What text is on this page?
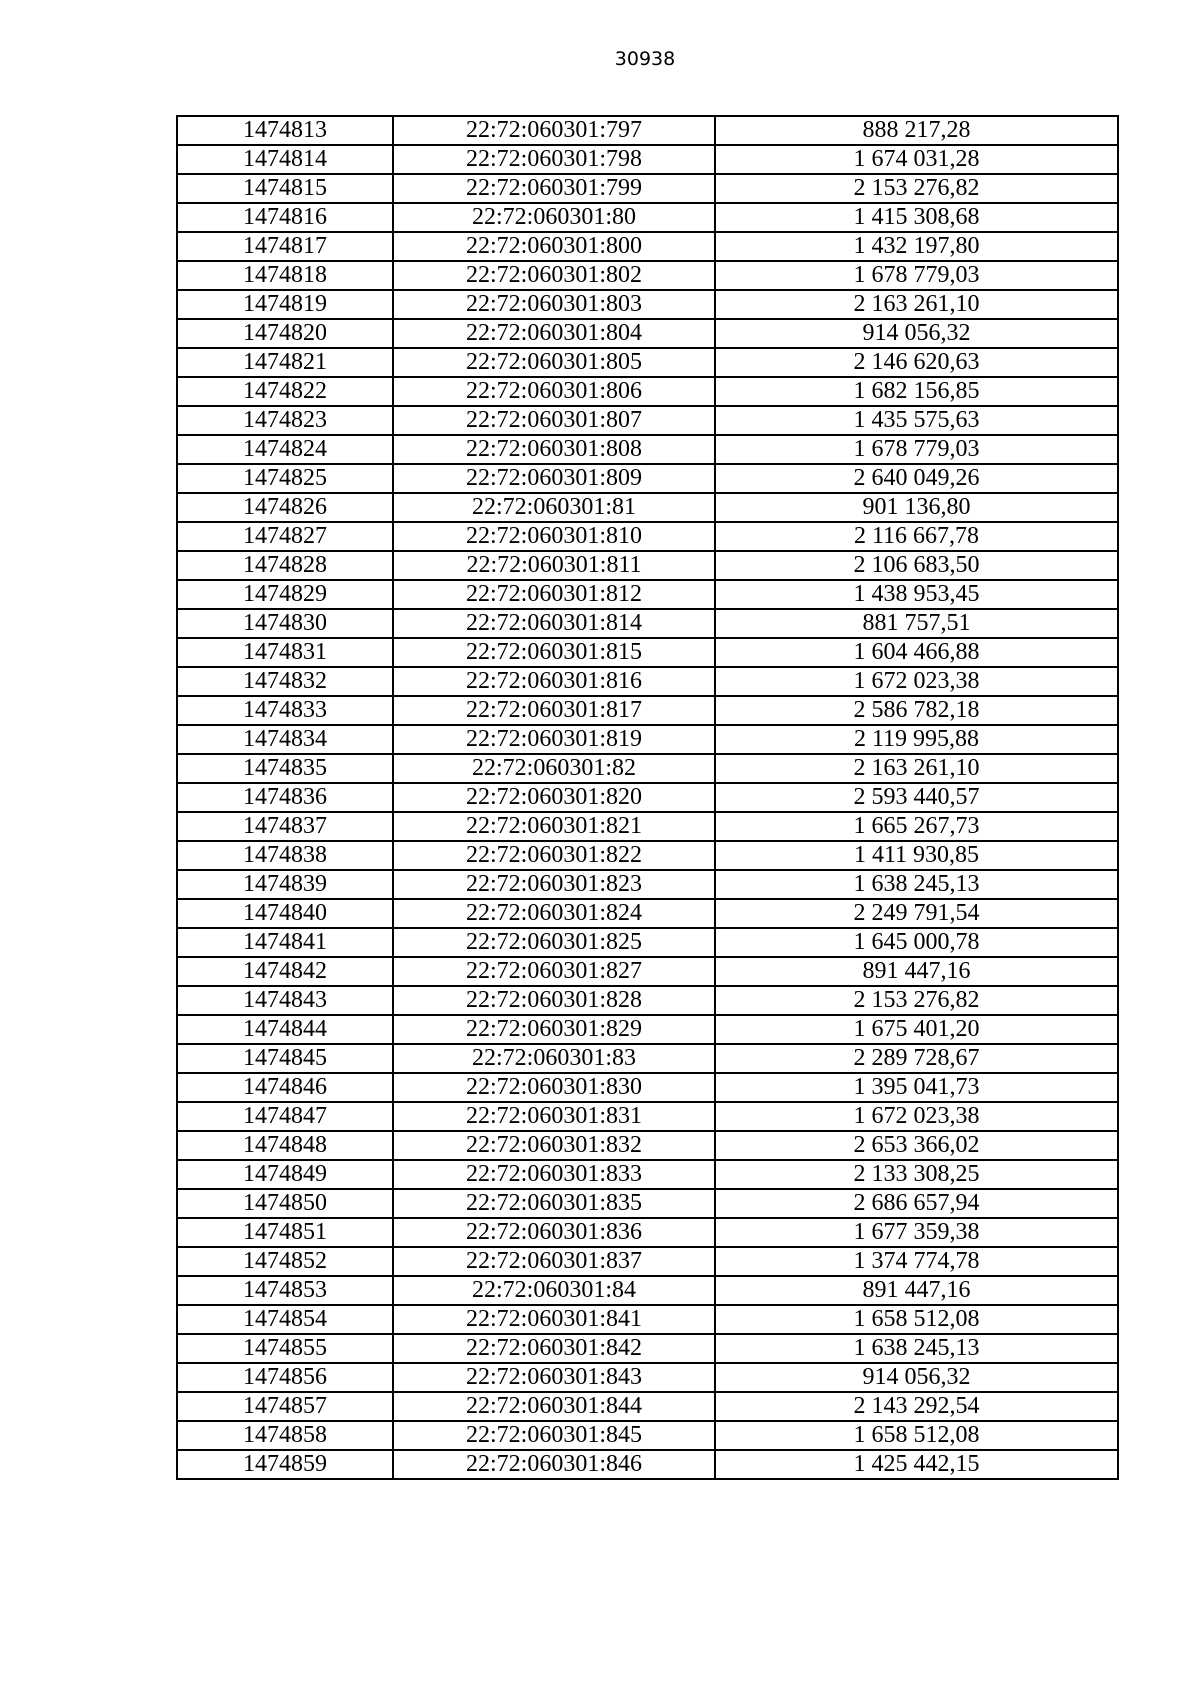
30938
1474813	22:72:060301:797	888 217,28
1474814	22:72:060301:798	1 674 031,28
1474815	22:72:060301:799	2 153 276,82
1474816	22:72:060301:80	1 415 308,68
1474817	22:72:060301:800	1 432 197,80
1474818	22:72:060301:802	1 678 779,03
1474819	22:72:060301:803	2 163 261,10
1474820	22:72:060301:804	914 056,32
1474821	22:72:060301:805	2 146 620,63
1474822	22:72:060301:806	1 682 156,85
1474823	22:72:060301:807	1 435 575,63
1474824	22:72:060301:808	1 678 779,03
1474825	22:72:060301:809	2 640 049,26
1474826	22:72:060301:81	901 136,80
1474827	22:72:060301:810	2 116 667,78
1474828	22:72:060301:811	2 106 683,50
1474829	22:72:060301:812	1 438 953,45
1474830	22:72:060301:814	881 757,51
1474831	22:72:060301:815	1 604 466,88
1474832	22:72:060301:816	1 672 023,38
1474833	22:72:060301:817	2 586 782,18
1474834	22:72:060301:819	2 119 995,88
1474835	22:72:060301:82	2 163 261,10
1474836	22:72:060301:820	2 593 440,57
1474837	22:72:060301:821	1 665 267,73
1474838	22:72:060301:822	1 411 930,85
1474839	22:72:060301:823	1 638 245,13
1474840	22:72:060301:824	2 249 791,54
1474841	22:72:060301:825	1 645 000,78
1474842	22:72:060301:827	891 447,16
1474843	22:72:060301:828	2 153 276,82
1474844	22:72:060301:829	1 675 401,20
1474845	22:72:060301:83	2 289 728,67
1474846	22:72:060301:830	1 395 041,73
1474847	22:72:060301:831	1 672 023,38
1474848	22:72:060301:832	2 653 366,02
1474849	22:72:060301:833	2 133 308,25
1474850	22:72:060301:835	2 686 657,94
1474851	22:72:060301:836	1 677 359,38
1474852	22:72:060301:837	1 374 774,78
1474853	22:72:060301:84	891 447,16
1474854	22:72:060301:841	1 658 512,08
1474855	22:72:060301:842	1 638 245,13
1474856	22:72:060301:843	914 056,32
1474857	22:72:060301:844	2 143 292,54
1474858	22:72:060301:845	1 658 512,08
1474859	22:72:060301:846	1 425 442,15
